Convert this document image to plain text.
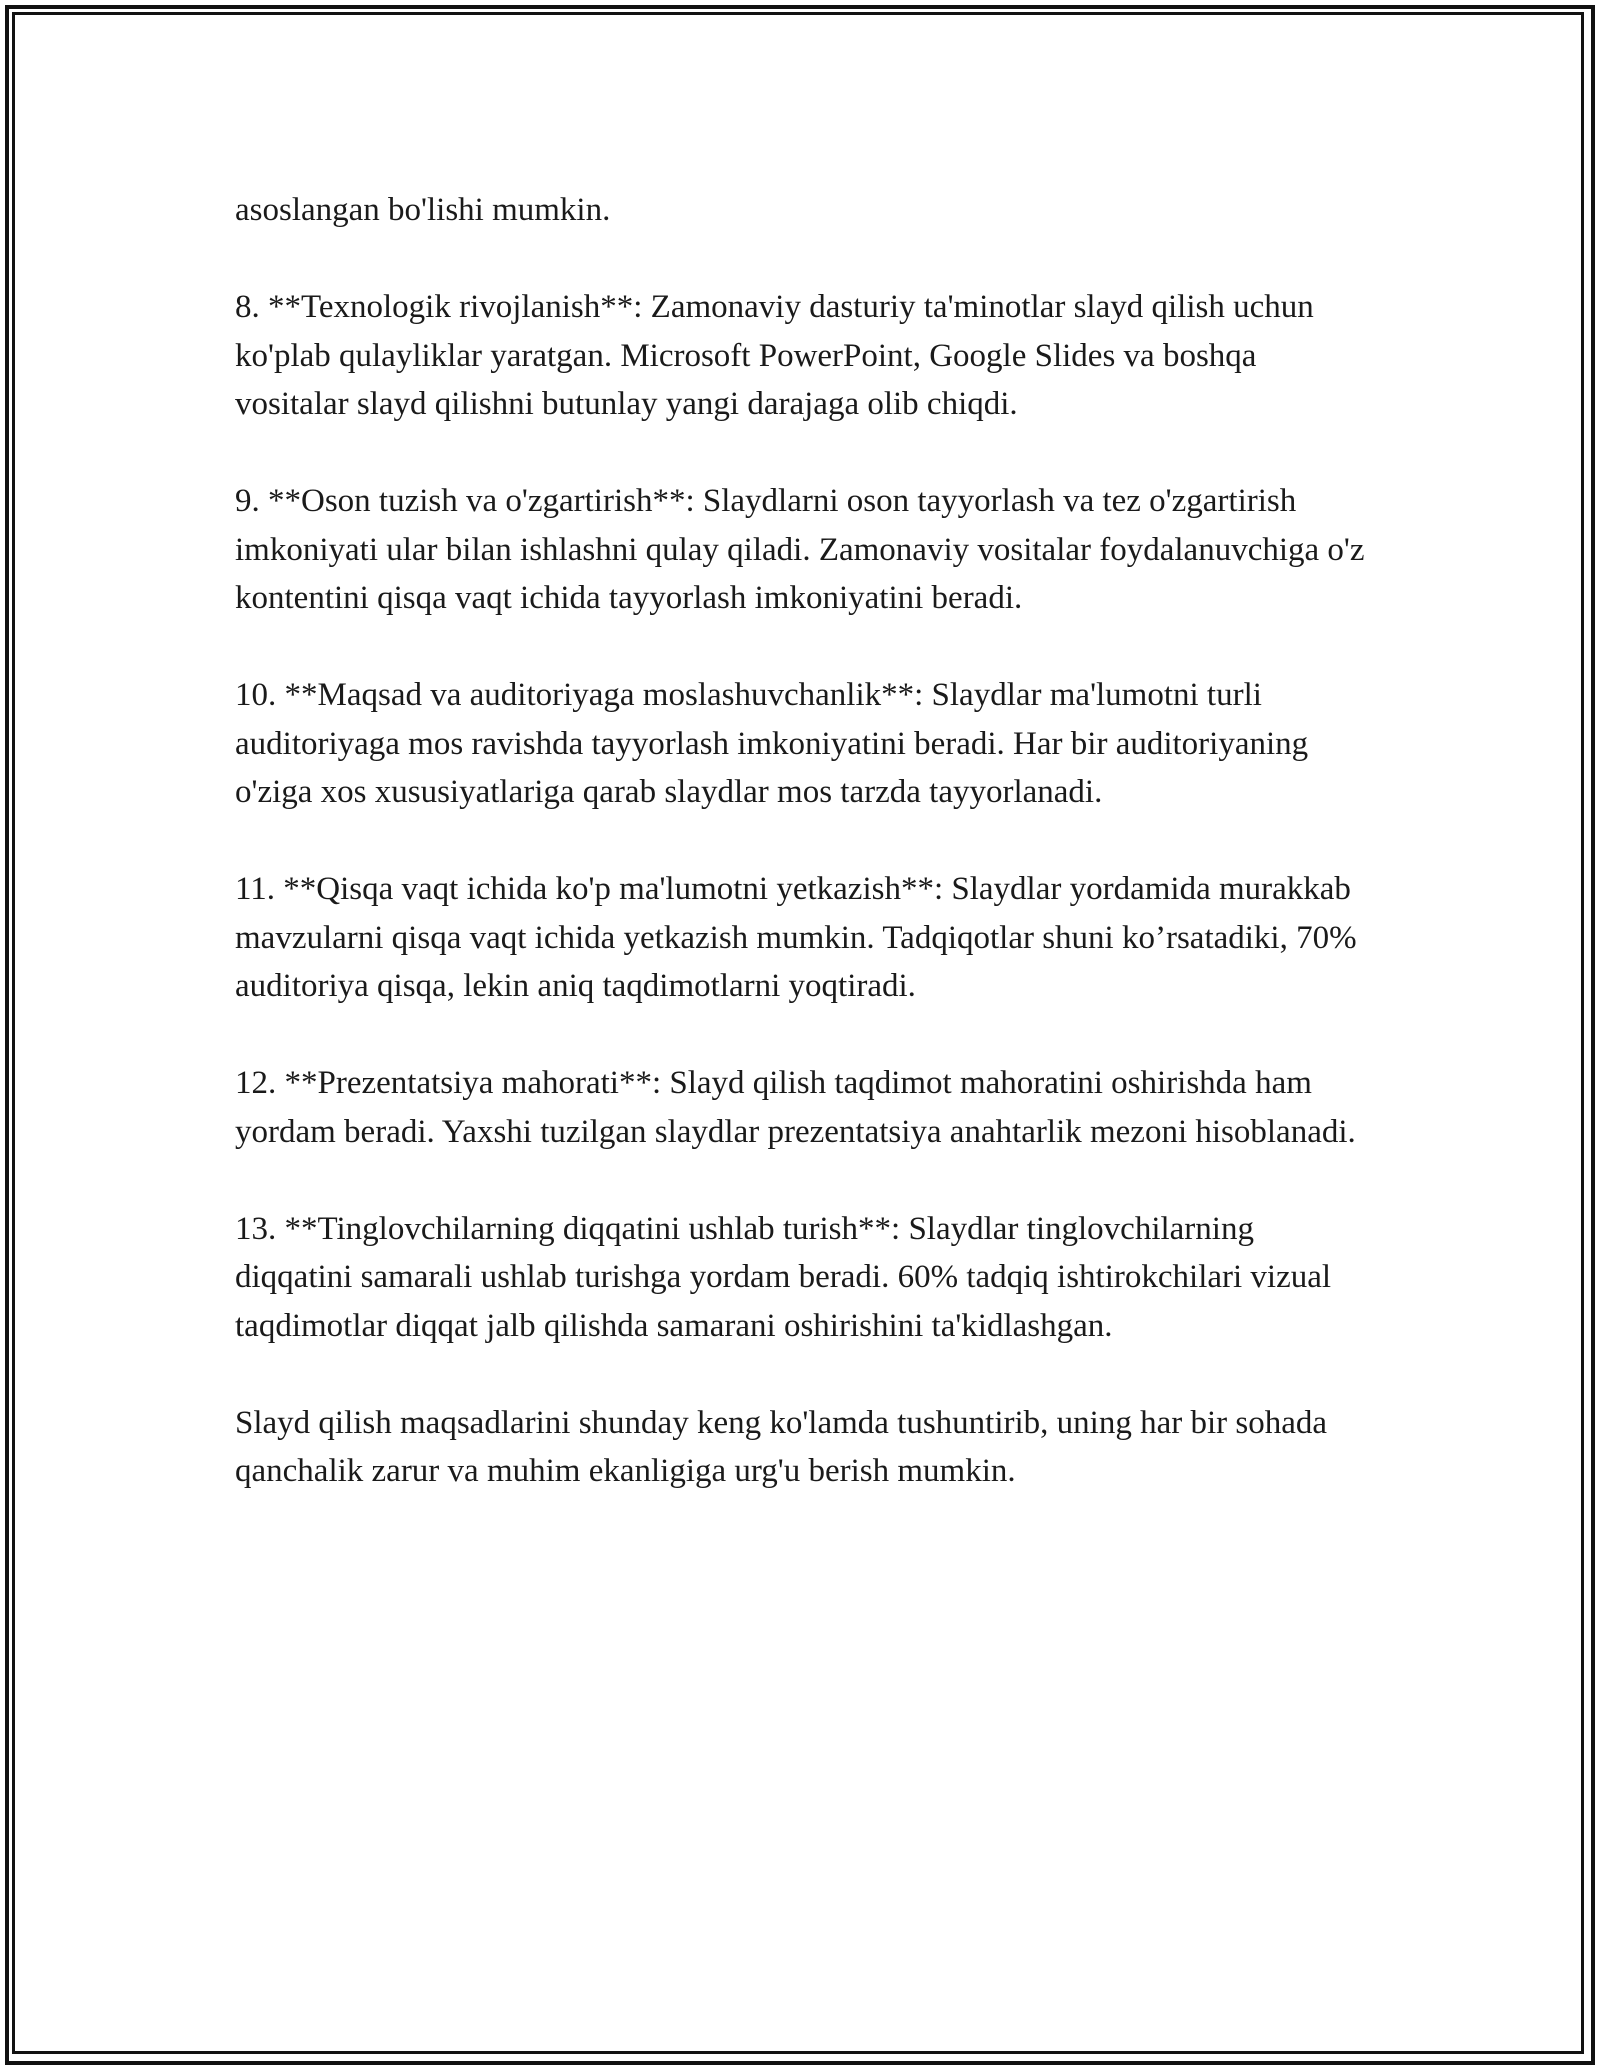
asoslangan bo'lishi mumkin.

8. **Texnologik rivojlanish**: Zamonaviy dasturiy ta'minotlar slayd qilish uchun ko'plab qulayliklar yaratgan. Microsoft PowerPoint, Google Slides va boshqa vositalar slayd qilishni butunlay yangi darajaga olib chiqdi.

9. **Oson tuzish va o'zgartirish**: Slaydlarni oson tayyorlash va tez o'zgartirish imkoniyati ular bilan ishlashni qulay qiladi. Zamonaviy vositalar foydalanuvchiga o'z kontentini qisqa vaqt ichida tayyorlash imkoniyatini beradi.

10. **Maqsad va auditoriyaga moslashuvchanlik**: Slaydlar ma'lumotni turli auditoriyaga mos ravishda tayyorlash imkoniyatini beradi. Har bir auditoriyaning o'ziga xos xususiyatlariga qarab slaydlar mos tarzda tayyorlanadi.

11. **Qisqa vaqt ichida ko'p ma'lumotni yetkazish**: Slaydlar yordamida murakkab mavzularni qisqa vaqt ichida yetkazish mumkin. Tadqiqotlar shuni ko’rsatadiki, 70% auditoriya qisqa, lekin aniq taqdimotlarni yoqtiradi.

12. **Prezentatsiya mahorati**: Slayd qilish taqdimot mahoratini oshirishda ham yordam beradi. Yaxshi tuzilgan slaydlar prezentatsiya anahtarlik mezoni hisoblanadi.

13. **Tinglovchilarning diqqatini ushlab turish**: Slaydlar tinglovchilarning diqqatini samarali ushlab turishga yordam beradi. 60% tadqiq ishtirokchilari vizual taqdimotlar diqqat jalb qilishda samarani oshirishini ta'kidlashgan.

Slayd qilish maqsadlarini shunday keng ko'lamda tushuntirib, uning har bir sohada qanchalik zarur va muhim ekanligiga urg'u berish mumkin.
